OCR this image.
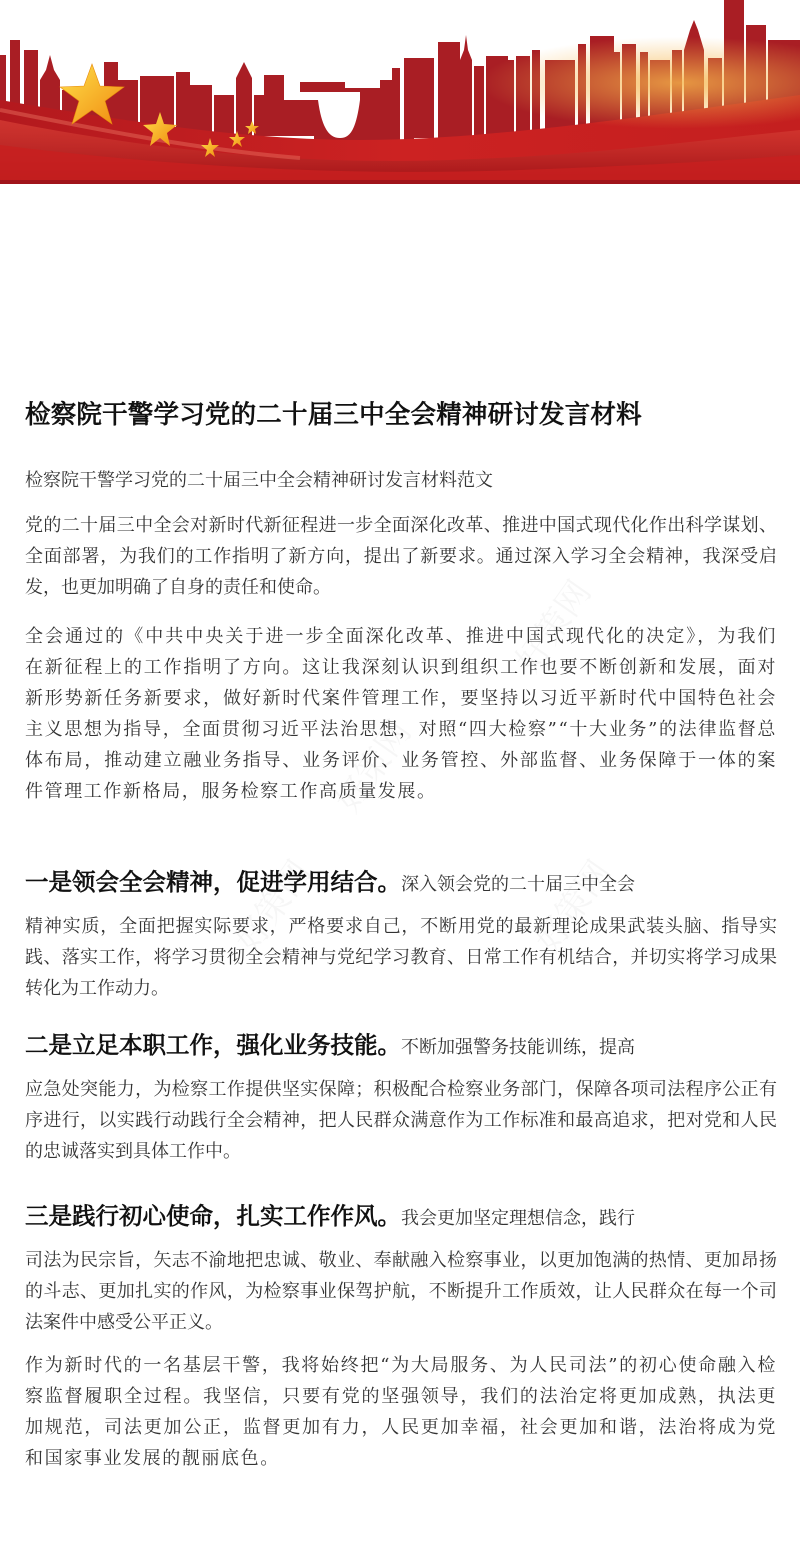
检察院干警学习党的二十届三中全会精神研讨发言材料
检察院干警学习党的二十届三中全会精神研讨发言材料范文

党的二十届三中全会对新时代新征程进一步全面深化改革、推进中国式现代化作出科学谋划、全面部署，为我们的工作指明了新方向，提出了新要求。通过深入学习全会精神，我深受启发，也更加明确了自身的责任和使命。

全会通过的《中共中央关于进一步全面深化改革、推进中国式现代化的决定》，为我们在新征程上的工作指明了方向。这让我深刻认识到组织工作也要不断创新和发展，面对新形势新任务新要求，做好新时代案件管理工作，要坚持以习近平新时代中国特色社会主义思想为指导，全面贯彻习近平法治思想，对照“四大检察”“十大业务”的法律监督总体布局，推动建立融业务指导、业务评价、业务管控、外部监督、业务保障于一体的案件管理工作新格局，服务检察工作高质量发展。

一是领会全会精神，促进学用结合。深入领会党的二十届三中全会
精神实质，全面把握实际要求，严格要求自己，不断用党的最新理论成果武装头脑、指导实践、落实工作，将学习贯彻全会精神与党纪学习教育、日常工作有机结合，并切实将学习成果转化为工作动力。
二是立足本职工作，强化业务技能。不断加强警务技能训练，提高
应急处突能力，为检察工作提供坚实保障；积极配合检察业务部门，保障各项司法程序公正有序进行，以实践行动践行全会精神，把人民群众满意作为工作标准和最高追求，把对党和人民的忠诚落实到具体工作中。
三是践行初心使命，扎实工作作风。我会更加坚定理想信念，践行
司法为民宗旨，矢志不渝地把忠诚、敬业、奉献融入检察事业，以更加饱满的热情、更加昂扬的斗志、更加扎实的作风，为检察事业保驾护航，不断提升工作质效，让人民群众在每一个司法案件中感受公平正义。

作为新时代的一名基层干警，我将始终把“为大局服务、为人民司法”的初心使命融入检察监督履职全过程。我坚信，只要有党的坚强领导，我们的法治定将更加成熟，执法更加规范，司法更加公正，监督更加有力，人民更加幸福，社会更加和谐，法治将成为党和国家事业发展的靓丽底色。
